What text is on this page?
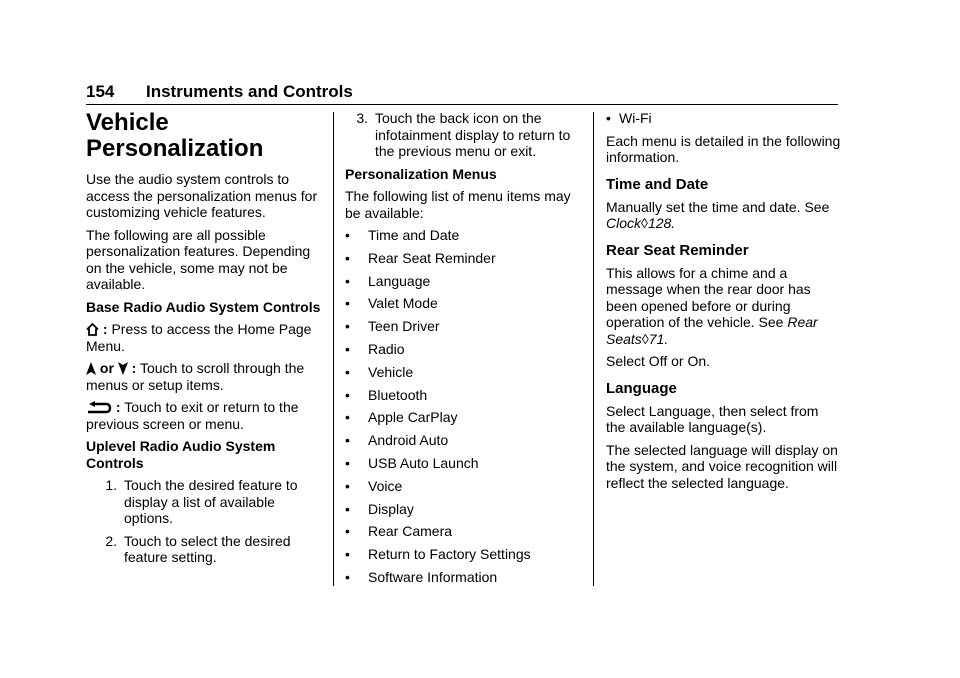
154 Instruments and Controls
Vehicle Personalization

Use the audio system controls to access the personalization menus for customizing vehicle features.

The following are all possible personalization features. Depending on the vehicle, some may not be available.

Base Radio Audio System Controls

: Press to access the Home Page Menu.

or : Touch to scroll through the menus or setup items.

: Touch to exit or return to the previous screen or menu.

Uplevel Radio Audio System Controls

1. Touch the desired feature to display a list of available options.
2. Touch to select the desired feature setting.
3. Touch the back icon on the infotainment display to return to the previous menu or exit.

Personalization Menus

The following list of menu items may be available:

•	Time and Date
•	Rear Seat Reminder
•	Language
•	Valet Mode
•	Teen Driver
•	Radio
•	Vehicle
•	Bluetooth
•	Apple CarPlay
•	Android Auto
•	USB Auto Launch
•	Voice
•	Display
•	Rear Camera
•	Return to Factory Settings
•	Software Information
• Wi-Fi

Each menu is detailed in the following information.

Time and Date

Manually set the time and date. See Clock◊128.

Rear Seat Reminder

This allows for a chime and a message when the rear door has been opened before or during operation of the vehicle. See Rear Seats◊71.

Select Off or On.

Language

Select Language, then select from the available language(s).

The selected language will display on the system, and voice recognition will reflect the selected language.
